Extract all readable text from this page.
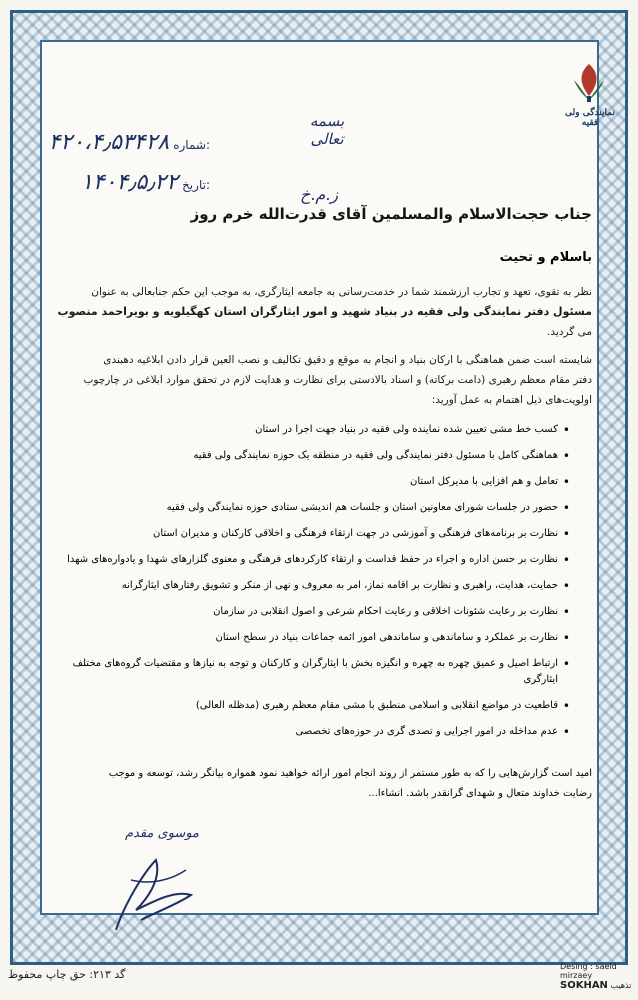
نمایندگی ولی فقیه
۴۲۰،۴٫۵۳۴۲۸ شماره:
۱۴۰۴٫۵٫۲۲ تاریخ:
بسمه تعالی
ز.م.خ
جناب حجت‌الاسلام والمسلمین آقای قدرت‌الله خرم روز
باسلام و تحیت
نظر به تقوی، تعهد و تجارب ارزشمند شما در خدمت‌رسانی به جامعه ایثارگری، به موجب این حکم جنابعالی به عنوان
مسئول دفتر نمایندگی ولی فقیه در بنیاد شهید و امور ایثارگران استان کهگیلویه و بویراحمد منصوب
می گردید.
شایسته است ضمن هماهنگی با ارکان بنیاد و انجام به موقع و دقیق تکالیف و نصب العین قرار دادن ابلاغیه دهبندی
دفتر مقام معظم رهبری (دامت برکاته) و اسناد بالادستی برای نظارت و هدایت لازم در تحقق موارد ابلاغی در چارچوب
اولویت‌های ذیل اهتمام به عمل آورید:
• کسب خط مشی تعیین شده نماینده ولی فقیه در بنیاد جهت اجرا در استان
• هماهنگی کامل با مسئول دفتر نمایندگی ولی فقیه در منطقه یک حوزه نمایندگی ولی فقیه
• تعامل و هم افزایی با مدیرکل استان
• حضور در جلسات شورای معاونین استان و جلسات هم اندیشی ستادی حوزه نمایندگی ولی فقیه
• نظارت بر برنامه‌های فرهنگی و آموزشی در جهت ارتقاء فرهنگی و اخلاقی کارکنان و مدیران استان
• نظارت بر حسن اداره و اجراء در حفظ قداست و ارتقاء کارکردهای فرهنگی و معنوی گلزارهای شهدا و یادواره‌های شهدا
• حمایت، هدایت، راهبری و نظارت بر اقامه نماز، امر به معروف و نهی از منکر و تشویق رفتارهای ایثارگرانه
• نظارت بر رعایت شئونات اخلاقی و رعایت احکام شرعی و اصول انقلابی در سازمان
• نظارت بر عملکرد و ساماندهی و ساماندهی امور ائمه جماعات بنیاد در سطح استان
• ارتباط اصیل و عمیق چهره به چهره و انگیزه بخش با ایثارگران و کارکنان و توجه به نیازها و مقتضیات گروه‌های مختلف ایثارگری
• قاطعیت در مواضع انقلابی و اسلامی منطبق با مشی مقام معظم رهبری (مدظله العالی)
• عدم مداخله در امور اجرایی و تصدی گری در حوزه‌های تخصصی
امید است گزارش‌هایی را که به طور مستمر از روند انجام امور ارائه خواهید نمود همواره بیانگر رشد، توسعه و موجب
رضایت خداوند متعال و شهدای گرانقدر باشد. انشاءا...
موسوی مقدم
گد ۲۱۳: حق چاپ محفوظ
Desing : saeid mirzaey
SOKHAN تذهیب
